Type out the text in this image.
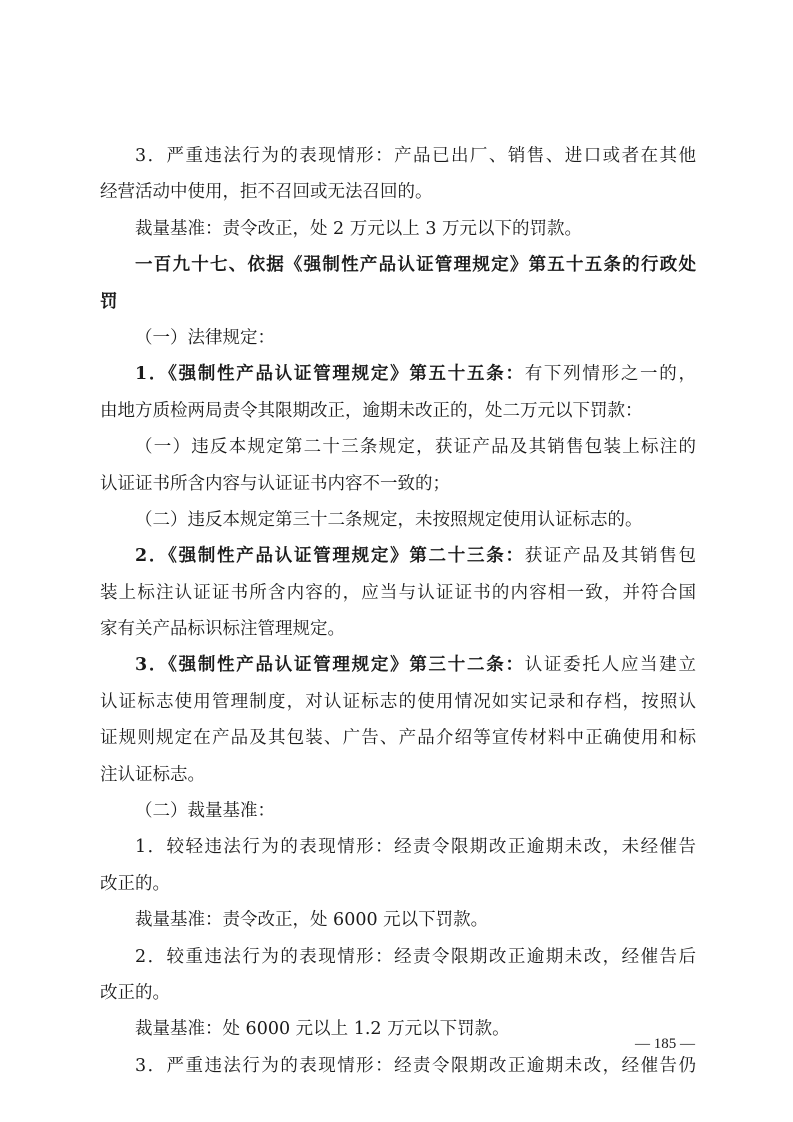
3．严重违法行为的表现情形：产品已出厂、销售、进口或者在其他
经营活动中使用，拒不召回或无法召回的。
裁量基准：责令改正，处 2 万元以上 3 万元以下的罚款。
一百九十七、依据《强制性产品认证管理规定》第五十五条的行政处
罚
（一）法律规定：
1．《强制性产品认证管理规定》第五十五条：有下列情形之一的，
由地方质检两局责令其限期改正，逾期未改正的，处二万元以下罚款：
（一）违反本规定第二十三条规定，获证产品及其销售包装上标注的
认证证书所含内容与认证证书内容不一致的；
（二）违反本规定第三十二条规定，未按照规定使用认证标志的。
2．《强制性产品认证管理规定》第二十三条：获证产品及其销售包
装上标注认证证书所含内容的，应当与认证证书的内容相一致，并符合国
家有关产品标识标注管理规定。
3．《强制性产品认证管理规定》第三十二条：认证委托人应当建立
认证标志使用管理制度，对认证标志的使用情况如实记录和存档，按照认
证规则规定在产品及其包装、广告、产品介绍等宣传材料中正确使用和标
注认证标志。
（二）裁量基准：
1．较轻违法行为的表现情形：经责令限期改正逾期未改，未经催告
改正的。
裁量基准：责令改正，处 6000 元以下罚款。
2．较重违法行为的表现情形：经责令限期改正逾期未改，经催告后
改正的。
裁量基准：处 6000 元以上 1.2 万元以下罚款。
3．严重违法行为的表现情形：经责令限期改正逾期未改，经催告仍
— 185 —
